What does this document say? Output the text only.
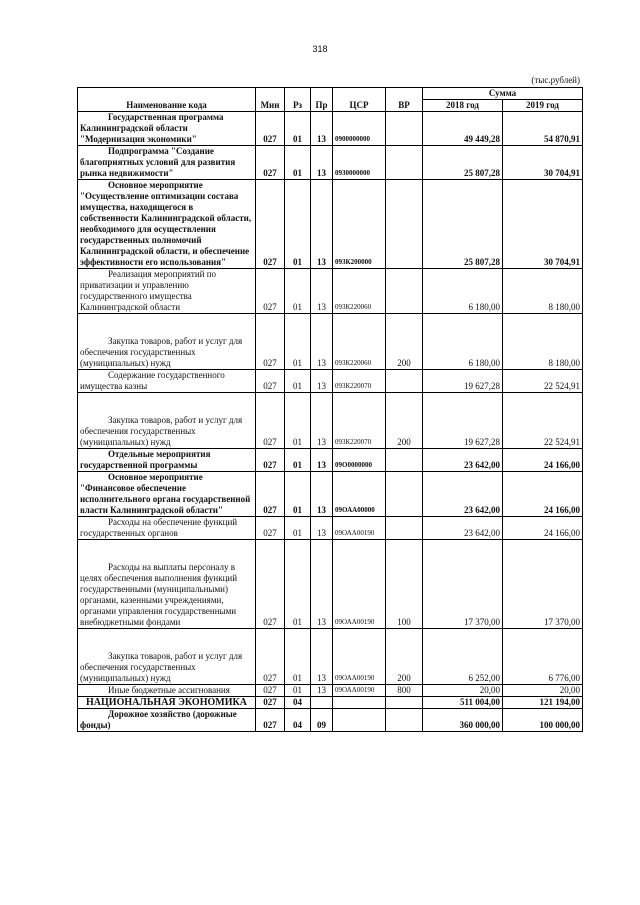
318
(тыс.рублей)
Наименование кода	Мин	Рз	Пр	ЦСР	ВР	Сумма	
						2018 год	2019 год
Государственная программа Калининградской области "Модернизация экономики"	027	01	13	0900000000		49 449,28	54 870,91
Подпрограмма "Создание благоприятных условий для развития рынка недвижимости"	027	01	13	0930000000		25 807,28	30 704,91
Основное мероприятие "Осуществление оптимизации состава имущества, находящегося в собственности Калининградской области, необходимого для осуществления государственных полномочий Калининградской области, и обеспечение эффективности его использования"	027	01	13	093К200000		25 807,28	30 704,91
Реализация мероприятий по приватизации и управлению государственного имущества Калининградской области	027	01	13	093К220060		6 180,00	8 180,00
Закупка товаров, работ и услуг для обеспечения государственных (муниципальных) нужд	027	01	13	093К220060	200	6 180,00	8 180,00
Содержание государственного имущества казны	027	01	13	093К220070		19 627,28	22 524,91
Закупка товаров, работ и услуг для обеспечения государственных (муниципальных) нужд	027	01	13	093К220070	200	19 627,28	22 524,91
Отдельные мероприятия государственной программы	027	01	13	09О0000000		23 642,00	24 166,00
Основное мероприятие "Финансовое обеспечение исполнительного органа государственной власти Калининградской области"	027	01	13	09ОАА00000		23 642,00	24 166,00
Расходы на обеспечение функций государственных органов	027	01	13	09ОАА00190		23 642,00	24 166,00
Расходы на выплаты персоналу в целях обеспечения выполнения функций государственными (муниципальными) органами, казенными учреждениями, органами управления государственными внебюджетными фондами	027	01	13	09ОАА00190	100	17 370,00	17 370,00
Закупка товаров, работ и услуг для обеспечения государственных (муниципальных) нужд	027	01	13	09ОАА00190	200	6 252,00	6 776,00
Иные бюджетные ассигнования	027	01	13	09ОАА00190	800	20,00	20,00
НАЦИОНАЛЬНАЯ ЭКОНОМИКА	027	04				511 004,00	121 194,00
Дорожное хозяйство (дорожные фонды)	027	04	09			360 000,00	100 000,00
